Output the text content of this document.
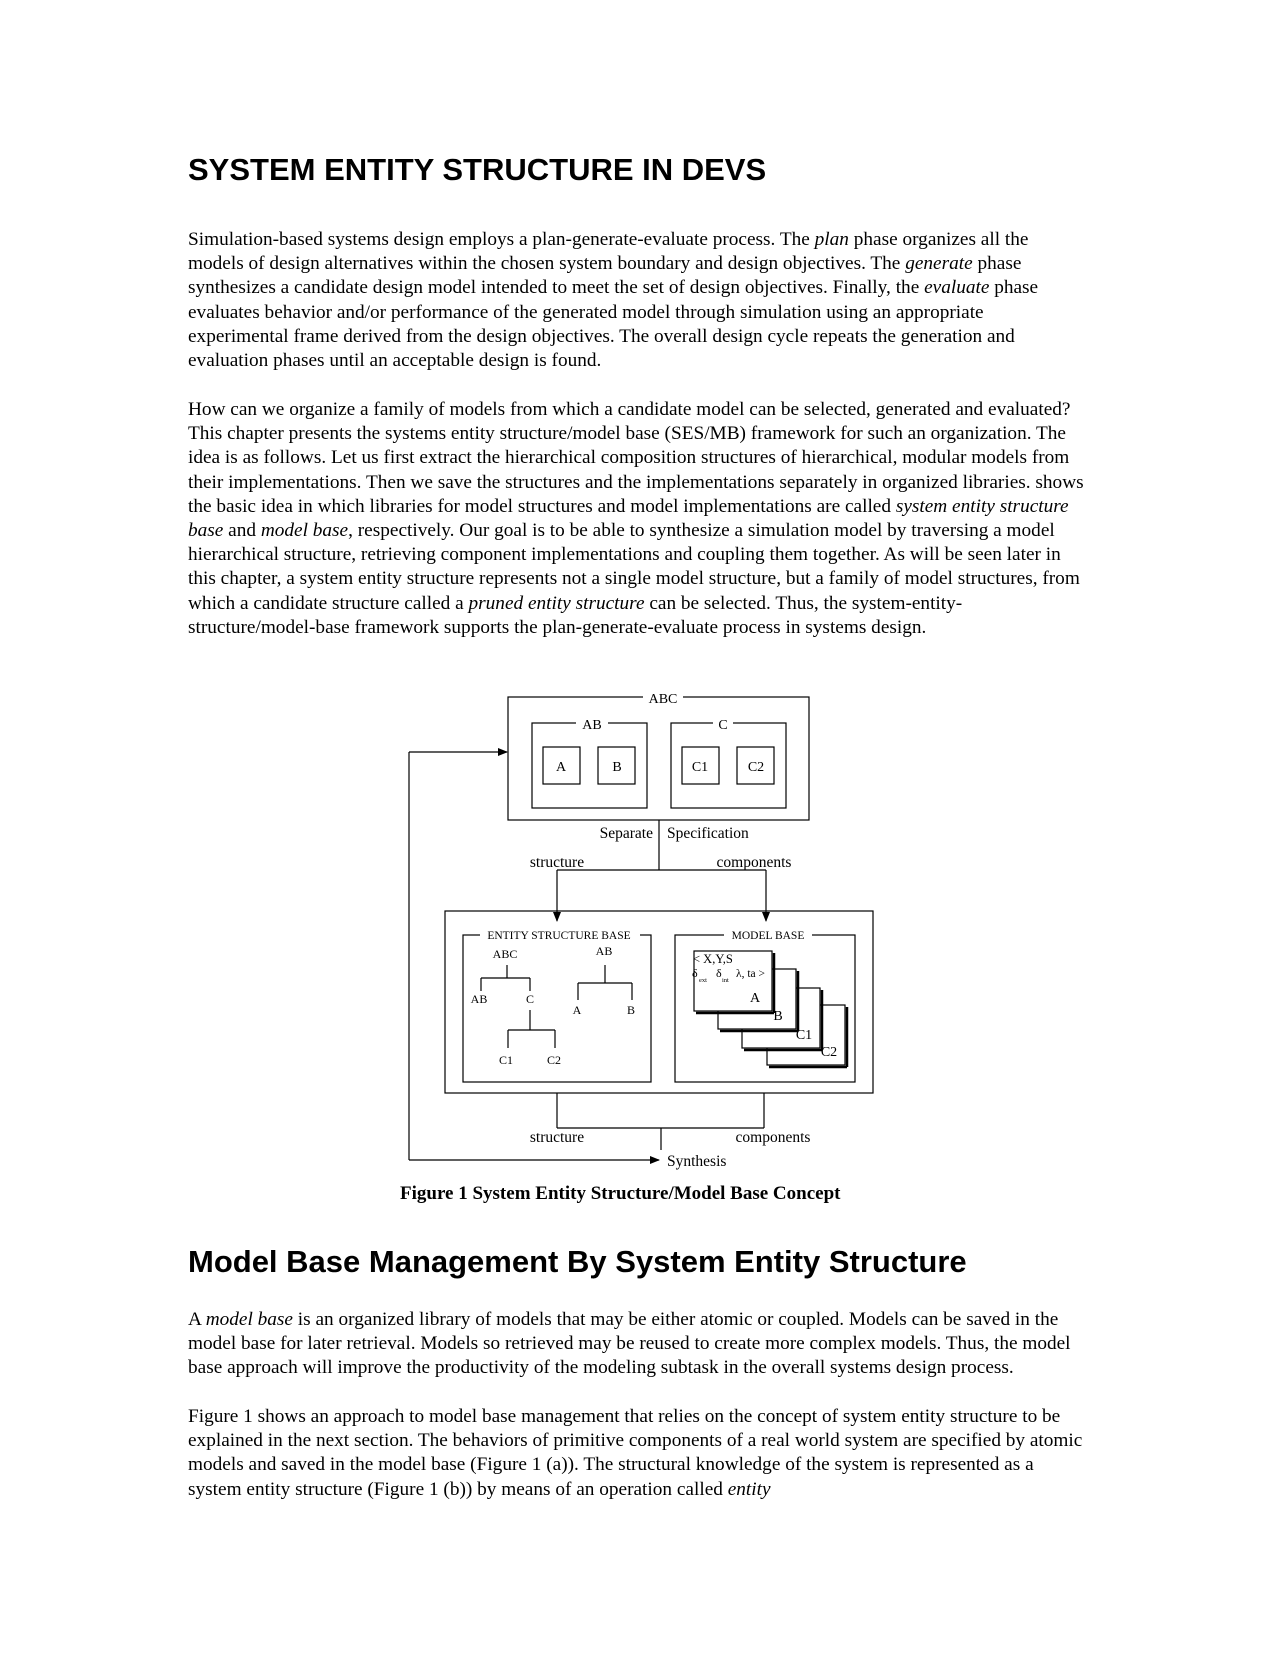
SYSTEM ENTITY STRUCTURE IN DEVS

Simulation-based systems design employs a plan-generate-evaluate process. The plan phase organizes all the models of design alternatives within the chosen system boundary and design objectives. The generate phase synthesizes a candidate design model intended to meet the set of design objectives. Finally, the evaluate phase evaluates behavior and/or performance of the generated model through simulation using an appropriate experimental frame derived from the design objectives. The overall design cycle repeats the generation and evaluation phases until an acceptable design is found.

How can we organize a family of models from which a candidate model can be selected, generated and evaluated? This chapter presents the systems entity structure/model base (SES/MB) framework for such an organization. The idea is as follows. Let us first extract the hierarchical composition structures of hierarchical, modular models from their implementations. Then we save the structures and the implementations separately in organized libraries. shows the basic idea in which libraries for model structures and model implementations are called system entity structure base and model base, respectively. Our goal is to be able to synthesize a simulation model by traversing a model hierarchical structure, retrieving component implementations and coupling them together. As will be seen later in this chapter, a system entity structure represents not a single model structure, but a family of model structures, from which a candidate structure called a pruned entity structure can be selected. Thus, the system-entity-structure/model-base framework supports the plan-generate-evaluate process in systems design.

ABC
AB	C
A	B	C1	C2
Separate Specification
structure	components
ENTITY STRUCTURE BASE	MODEL BASE
ABC
AB	C
C1	C2
AB
A	B
< X,Y,S
δ
ext
δ
int
λ, ta >
A
B
C1
C2
structure	components
Synthesis
Figure 1 System Entity Structure/Model Base Concept
Model Base Management By System Entity Structure

A model base is an organized library of models that may be either atomic or coupled. Models can be saved in the model base for later retrieval. Models so retrieved may be reused to create more complex models. Thus, the model base approach will improve the productivity of the modeling subtask in the overall systems design process.

Figure 1 shows an approach to model base management that relies on the concept of system entity structure to be explained in the next section. The behaviors of primitive components of a real world system are specified by atomic models and saved in the model base (Figure 1 (a)). The structural knowledge of the system is represented as a system entity structure (Figure 1 (b)) by means of an operation called entity
